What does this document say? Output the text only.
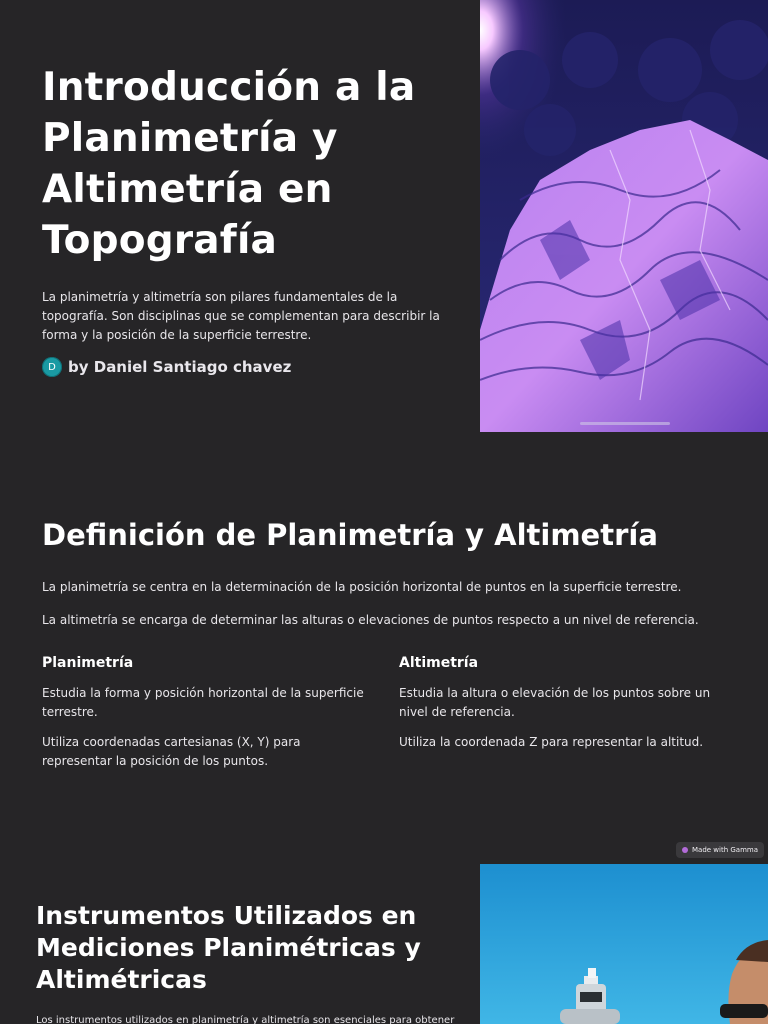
Introducción a la Planimetría y Altimetría en Topografía

La planimetría y altimetría son pilares fundamentales de la topografía. Son disciplinas que se complementan para describir la forma y la posición de la superficie terrestre.

D by Daniel Santiago chavez
Definición de Planimetría y Altimetría

La planimetría se centra en la determinación de la posición horizontal de puntos en la superficie terrestre.

La altimetría se encarga de determinar las alturas o elevaciones de puntos respecto a un nivel de referencia.

Planimetría

Estudia la forma y posición horizontal de la superficie terrestre.

Utiliza coordenadas cartesianas (X, Y) para representar la posición de los puntos.

Altimetría

Estudia la altura o elevación de los puntos sobre un nivel de referencia.

Utiliza la coordenada Z para representar la altitud.

Made with Gamma
Instrumentos Utilizados en Mediciones Planimétricas y Altimétricas

Los instrumentos utilizados en planimetría y altimetría son esenciales para obtener
